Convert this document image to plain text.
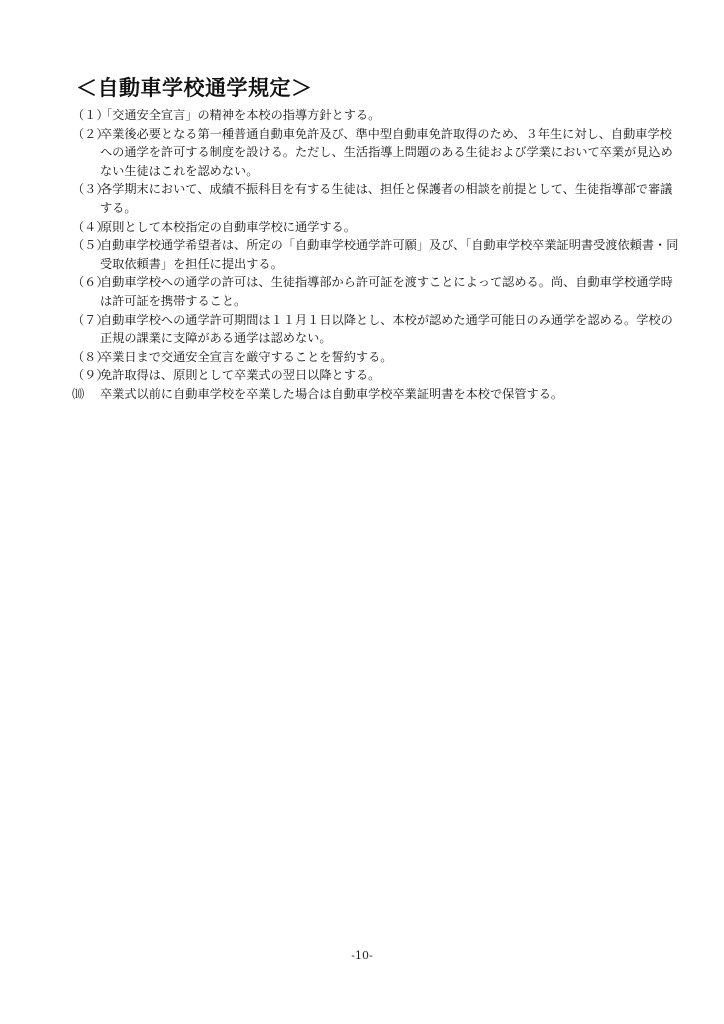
＜自動車学校通学規定＞
（１）
「交通安全宣言」の精神を本校の指導方針とする。
（２）
卒業後必要となる第一種普通自動車免許及び、準中型自動車免許取得のため、３年生に対し、自動車学校への通学を許可する制度を設ける。ただし、生活指導上問題のある生徒および学業において卒業が見込めない生徒はこれを認めない。
（３）
各学期末において、成績不振科目を有する生徒は、担任と保護者の相談を前提として、生徒指導部で審議する。
（４）
原則として本校指定の自動車学校に通学する。
（５）
自動車学校通学希望者は、所定の「自動車学校通学許可願」及び、「自動車学校卒業証明書受渡依頼書・同受取依頼書」を担任に提出する。
（６）
自動車学校への通学の許可は、生徒指導部から許可証を渡すことによって認める。尚、自動車学校通学時は許可証を携帯すること。
（７）
自動車学校への通学許可期間は１１月１日以降とし、本校が認めた通学可能日のみ通学を認める。学校の正規の課業に支障がある通学は認めない。
（８）
卒業日まで交通安全宣言を厳守することを誓約する。
（９）
免許取得は、原則として卒業式の翌日以降とする。
⑽	卒業式以前に自動車学校を卒業した場合は自動車学校卒業証明書を本校で保管する。
-10-
